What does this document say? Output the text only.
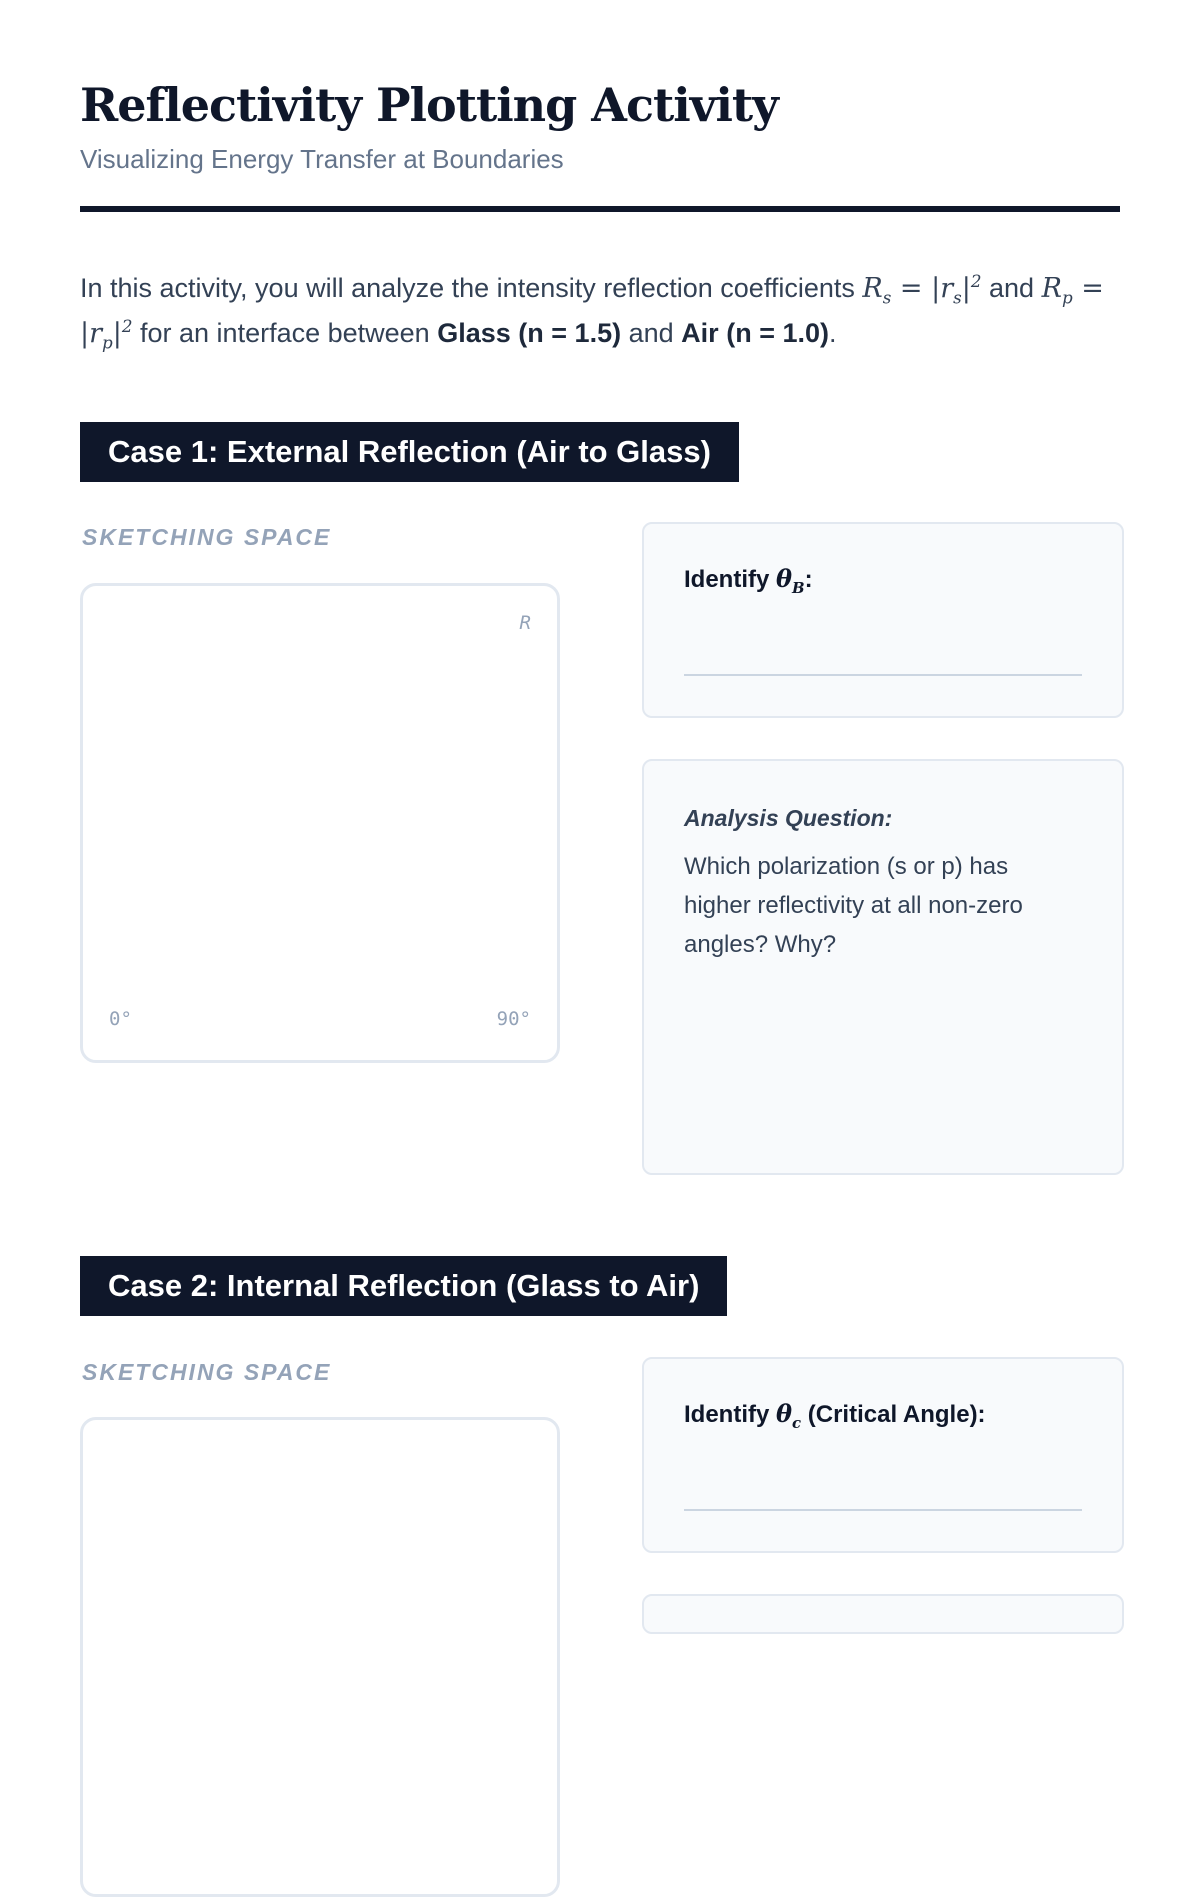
Reflectivity Plotting Activity
Visualizing Energy Transfer at Boundaries

In this activity, you will analyze the intensity reflection coefficients $R_s = |r_s|^2$ and $R_p = |r_p|^2$ for an interface between Glass (n = 1.5) and Air (n = 1.0).

Case 1: External Reflection (Air to Glass)
SKETCHING SPACE
R
0°	90°
Identify $\theta_B$:
Analysis Question:
Which polarization (s or p) has higher reflectivity at all non-zero angles? Why?
Case 2: Internal Reflection (Glass to Air)
SKETCHING SPACE
Identify $\theta_c$ (Critical Angle):
